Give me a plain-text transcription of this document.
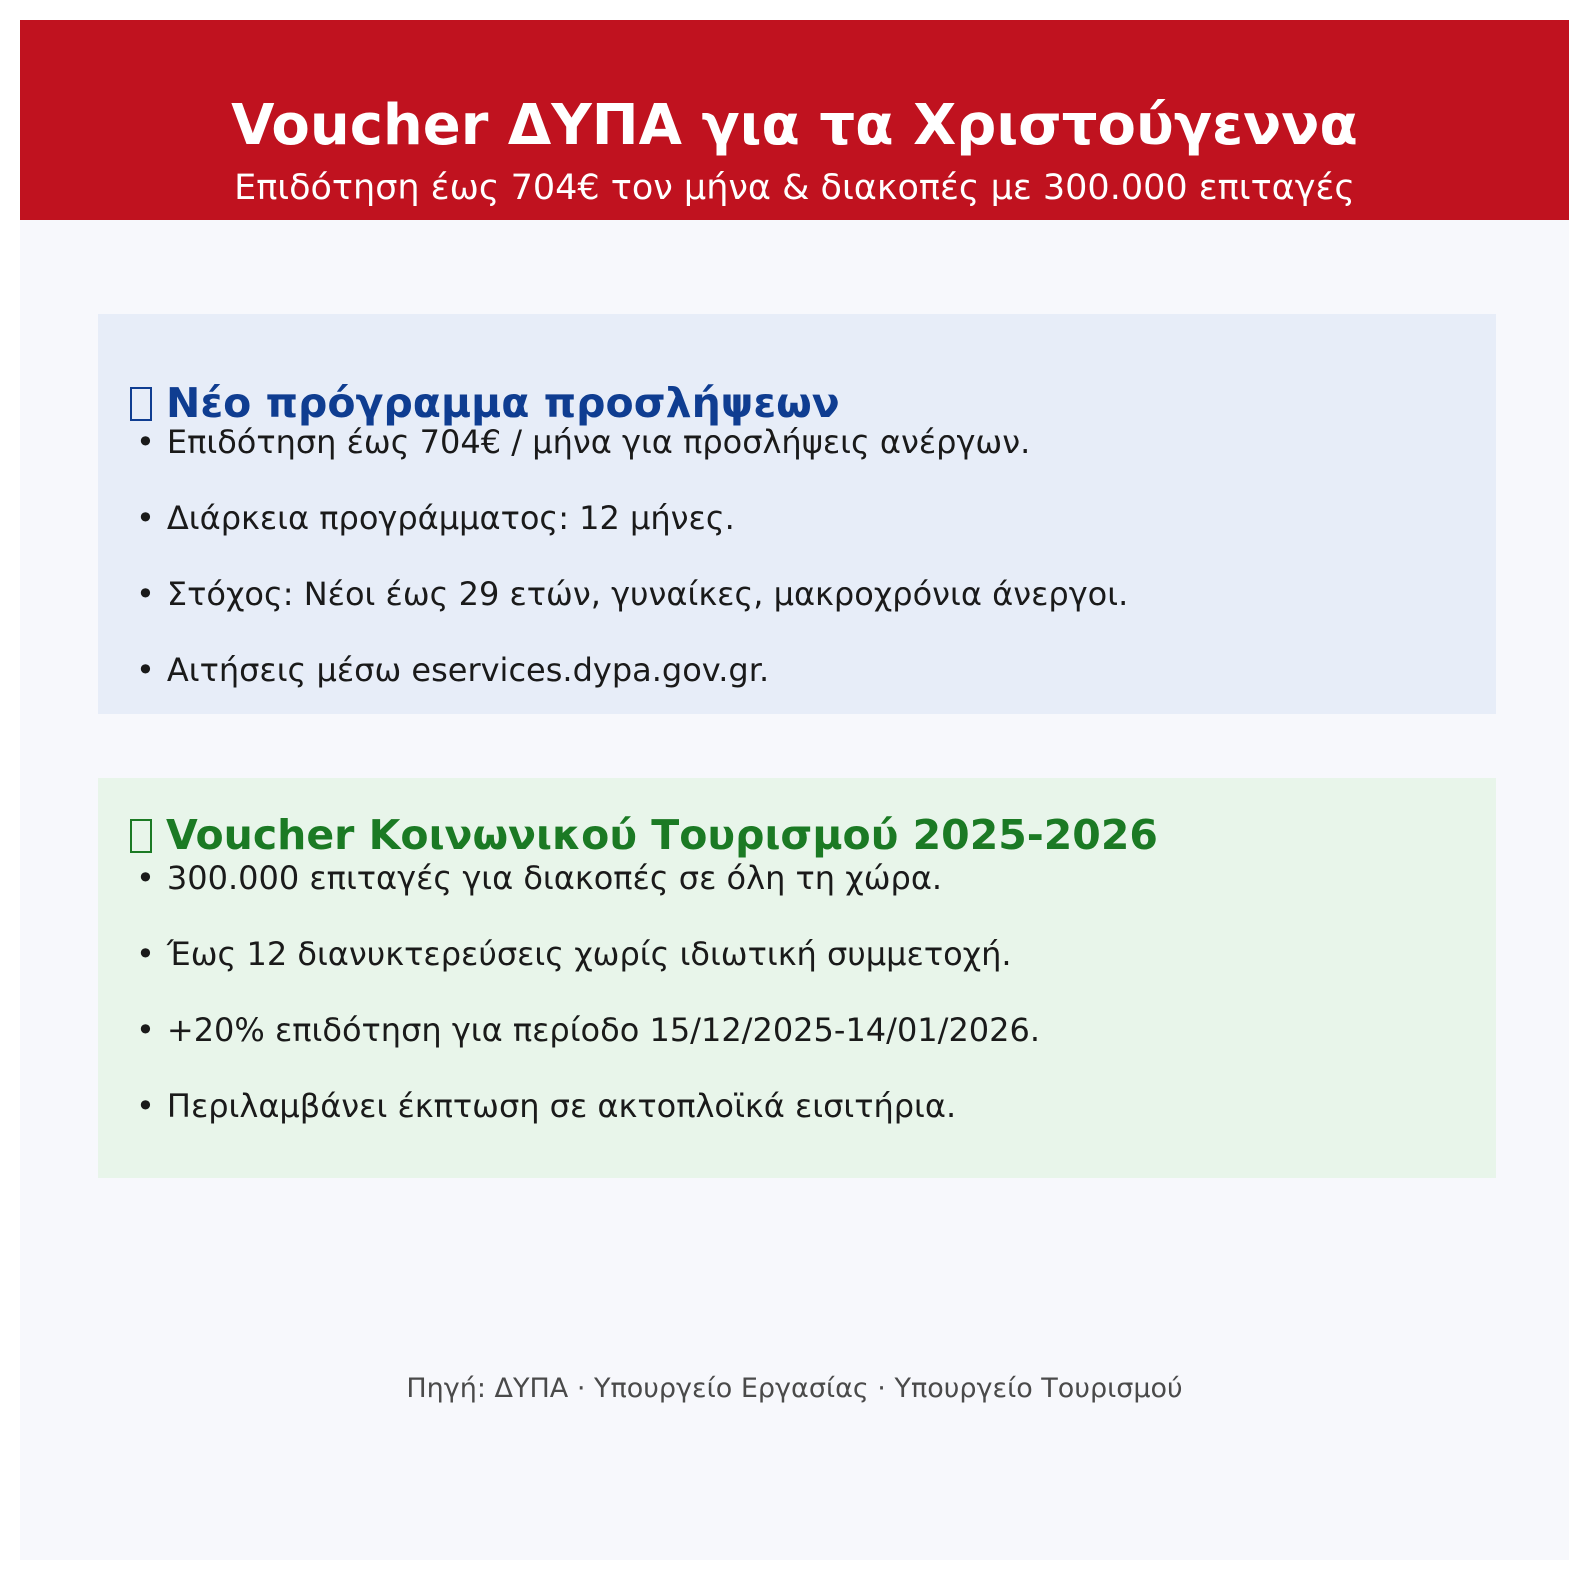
Voucher ΔΥΠΑ για τα Χριστούγεννα
Επιδότηση έως 704€ τον μήνα & διακοπές με 300.000 επιταγές
Νέο πρόγραμμα προσλήψεων
• Επιδότηση έως 704€ / μήνα για προσλήψεις ανέργων.
• Διάρκεια προγράμματος: 12 μήνες.
• Στόχος: Νέοι έως 29 ετών, γυναίκες, μακροχρόνια άνεργοι.
• Αιτήσεις μέσω eservices.dypa.gov.gr.
Voucher Κοινωνικού Τουρισμού 2025-2026
• 300.000 επιταγές για διακοπές σε όλη τη χώρα.
• Έως 12 διανυκτερεύσεις χωρίς ιδιωτική συμμετοχή.
• +20% επιδότηση για περίοδο 15/12/2025-14/01/2026.
• Περιλαμβάνει έκπτωση σε ακτοπλοϊκά εισιτήρια.
Πηγή: ΔΥΠΑ · Υπουργείο Εργασίας · Υπουργείο Τουρισμού
